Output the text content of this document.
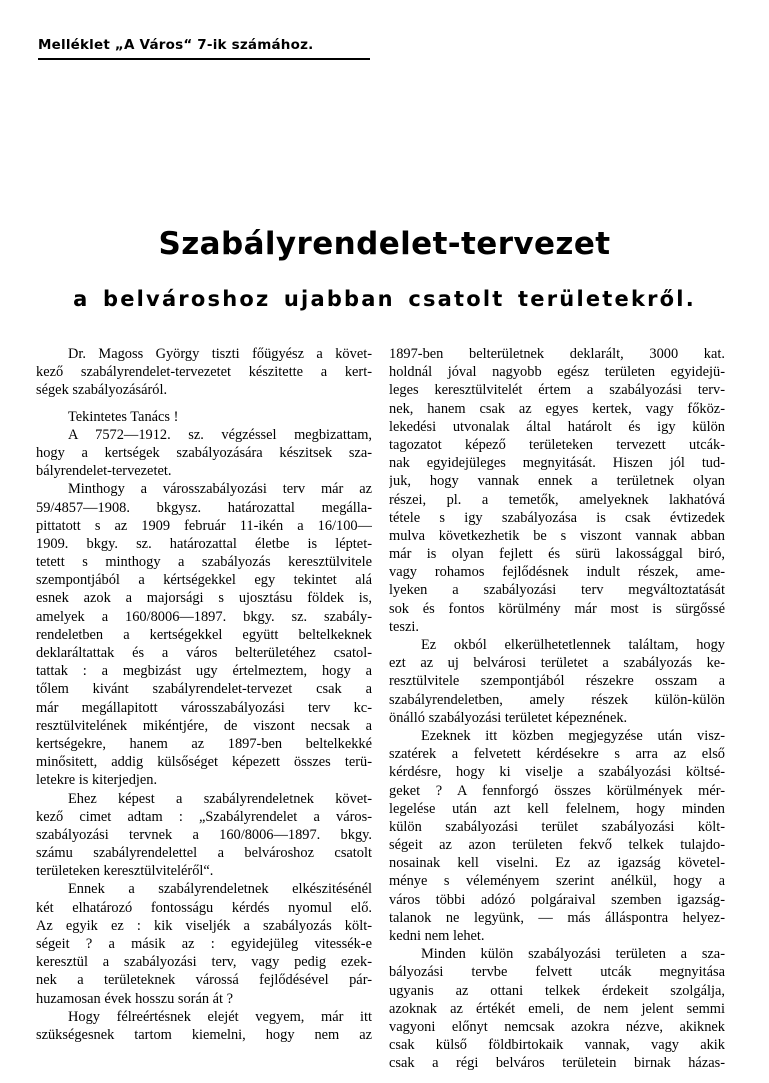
Melléklet „A Város“ 7-ik számához.
Szabályrendelet-tervezet
a belvároshoz ujabban csatolt területekről.
Dr. Magoss György tiszti főügyész a követ-
kező szabályrendelet-tervezetet készitette a kert-
ségek szabályozásáról.
Tekintetes Tanács !
A 7572—1912. sz. végzéssel megbizattam,
hogy a kertségek szabályozására készitsek sza-
bályrendelet-tervezetet.
Minthogy a városszabályozási terv már az
59/4857—1908. bkgysz. határozattal megálla-
pittatott s az 1909 február 11-ikén a 16/100—
1909. bkgy. sz. határozattal életbe is léptet-
tetett s minthogy a szabályozás keresztülvitele
szempontjából a kértségekkel egy tekintet alá
esnek azok a majorsági s ujosztásu földek is,
amelyek a 160/8006—1897. bkgy. sz. szabály-
rendeletben a kertségekkel együtt beltelkeknek
deklaráltattak és a város belterületéhez csatol-
tattak : a megbizást ugy értelmeztem, hogy a
tőlem kivánt szabályrendelet-tervezet csak a
már megállapitott városszabályozási terv kc-
resztülvitelének mikéntjére, de viszont necsak a
kertségekre, hanem az 1897-ben beltelkekké
minősitett, addig külsőséget képezett összes terü-
letekre is kiterjedjen.
Ehez képest a szabályrendeletnek követ-
kező cimet adtam : „Szabályrendelet a város-
szabályozási tervnek a 160/8006—1897. bkgy.
számu szabályrendelettel a belvároshoz csatolt
területeken keresztülviteléről“.
Ennek a szabályrendeletnek elkészitésénél
két elhatározó fontosságu kérdés nyomul elő.
Az egyik ez : kik viseljék a szabályozás költ-
ségeit ? a másik az : egyidejüleg vitessék-e
keresztül a szabályozási terv, vagy pedig ezek-
nek a területeknek várossá fejlődésével pár-
huzamosan évek hosszu során át ?
Hogy félreértésnek elejét vegyem, már itt
szükségesnek tartom kiemelni, hogy nem az
1897-ben belterületnek deklarált, 3000 kat.
holdnál jóval nagyobb egész területen egyidejü-
leges keresztülvitelét értem a szabályozási terv-
nek, hanem csak az egyes kertek, vagy főköz-
lekedési utvonalak által határolt és igy külön
tagozatot képező területeken tervezett utcák-
nak egyidejüleges megnyitását. Hiszen jól tud-
juk, hogy vannak ennek a területnek olyan
részei, pl. a temetők, amelyeknek lakhatóvá
tétele s igy szabályozása is csak évtizedek
mulva következhetik be s viszont vannak abban
már is olyan fejlett és sürü lakossággal biró,
vagy rohamos fejlődésnek indult részek, ame-
lyeken a szabályozási terv megváltoztatását
sok és fontos körülmény már most is sürgőssé
teszi.
Ez okból elkerülhetetlennek találtam, hogy
ezt az uj belvárosi területet a szabályozás ke-
resztülvitele szempontjából részekre osszam a
szabályrendeletben, amely részek külön-külön
önálló szabályozási területet képeznének.
Ezeknek itt közben megjegyzése után visz-
szatérek a felvetett kérdésekre s arra az első
kérdésre, hogy ki viselje a szabályozási költsé-
geket ? A fennforgó összes körülmények mér-
legelése után azt kell felelnem, hogy minden
külön szabályozási terület szabályozási költ-
ségeit az azon területen fekvő telkek tulajdo-
nosainak kell viselni. Ez az igazság követel-
ménye s véleményem szerint anélkül, hogy a
város többi adózó polgáraival szemben igazság-
talanok ne legyünk, — más álláspontra helyez-
kedni nem lehet.
Minden külön szabályozási területen a sza-
bályozási tervbe felvett utcák megnyitása
ugyanis az ottani telkek érdekeit szolgálja,
azoknak az értékét emeli, de nem jelent semmi
vagyoni előnyt nemcsak azokra nézve, akiknek
csak külső földbirtokaik vannak, vagy akik
csak a régi belváros területein birnak házas-
